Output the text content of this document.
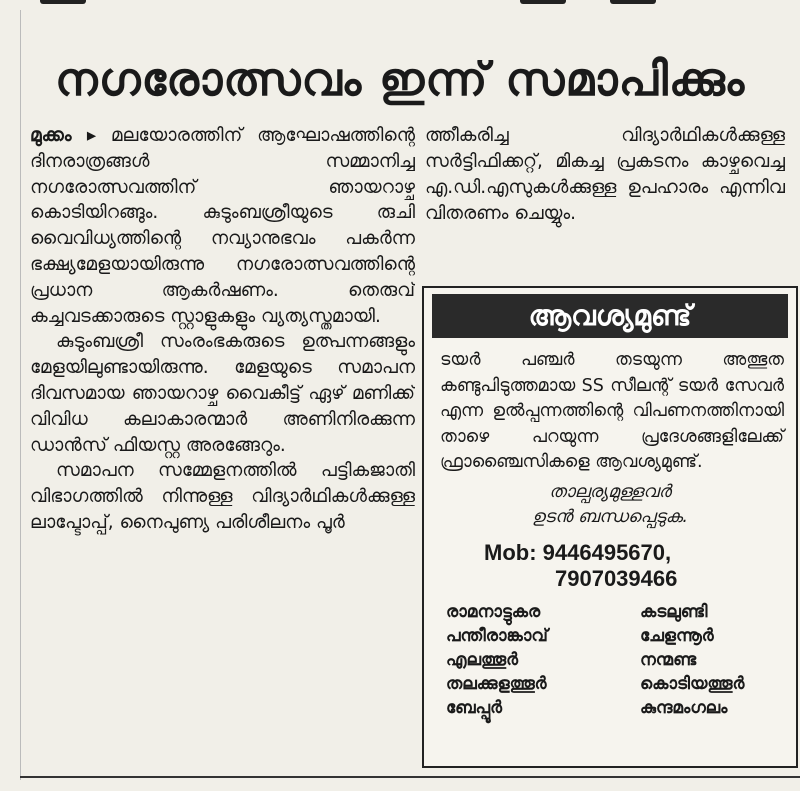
നഗരോത്സവം ഇന്ന് സമാപിക്കും

മുക്കം ▸ മലയോരത്തിന് ആഘോഷത്തിന്റെ ദിനരാത്രങ്ങൾ സമ്മാനിച്ച നഗരോത്സവത്തിന് ഞായറാഴ്ച കൊടിയിറങ്ങും. കുടുംബശ്രീയുടെ രുചി വൈവിധ്യത്തിന്റെ നവ്യാനുഭവം പകർന്ന ഭക്ഷ്യമേളയായിരുന്നു നഗരോത്സവത്തിന്റെ പ്രധാന ആകർഷണം. തെരുവ് കച്ചവടക്കാരുടെ സ്റ്റാളുകളും വ്യത്യസ്തമായി.

കുടുംബശ്രീ സംരംഭകരുടെ ഉത്പന്നങ്ങളും മേളയിലുണ്ടായിരുന്നു. മേളയുടെ സമാപന ദിവസമായ ഞായറാഴ്ച വൈകീട്ട് ഏഴ് മണിക്ക് വിവിധ കലാകാരന്മാർ അണിനിരക്കുന്ന ഡാൻസ് ഫിയസ്റ്റ അരങ്ങേറും.

സമാപന സമ്മേളനത്തിൽ പട്ടികജാതി വിഭാഗത്തിൽ നിന്നുള്ള വിദ്യാർഥികൾക്കുള്ള ലാപ്ടോപ്പ്, നൈപുണ്യ പരിശീലനം പൂർ

ത്തീകരിച്ച വിദ്യാർഥികൾക്കുള്ള സർട്ടിഫിക്കറ്റ്, മികച്ച പ്രകടനം കാഴ്ചവെച്ച എ.ഡി.എസുകൾക്കുള്ള ഉപഹാരം എന്നിവ വിതരണം ചെയ്യും.
ആവശ്യമുണ്ട്
ടയർ പഞ്ചർ തടയുന്ന അത്ഭുത കണ്ടുപിടുത്തമായ SS സീലന്റ് ടയർ സേവർ എന്ന ഉൽപ്പന്നത്തിന്റെ വിപണനത്തിനായി താഴെ പറയുന്ന പ്രദേശങ്ങളിലേക്ക് ഫ്രാഞ്ചൈസികളെ ആവശ്യമുണ്ട്.
താല്പര്യമുള്ളവർ
ഉടൻ ബന്ധപ്പെടുക.
Mob: 9446495670,
7907039466
രാമനാട്ടുകര	കടലുണ്ടി
പന്തീരാങ്കാവ്	ചേളന്നൂർ
എലത്തൂർ	നന്മണ്ട
തലക്കുളത്തൂർ	കൊടിയത്തൂർ
ബേപ്പൂർ	കുന്ദമംഗലം
